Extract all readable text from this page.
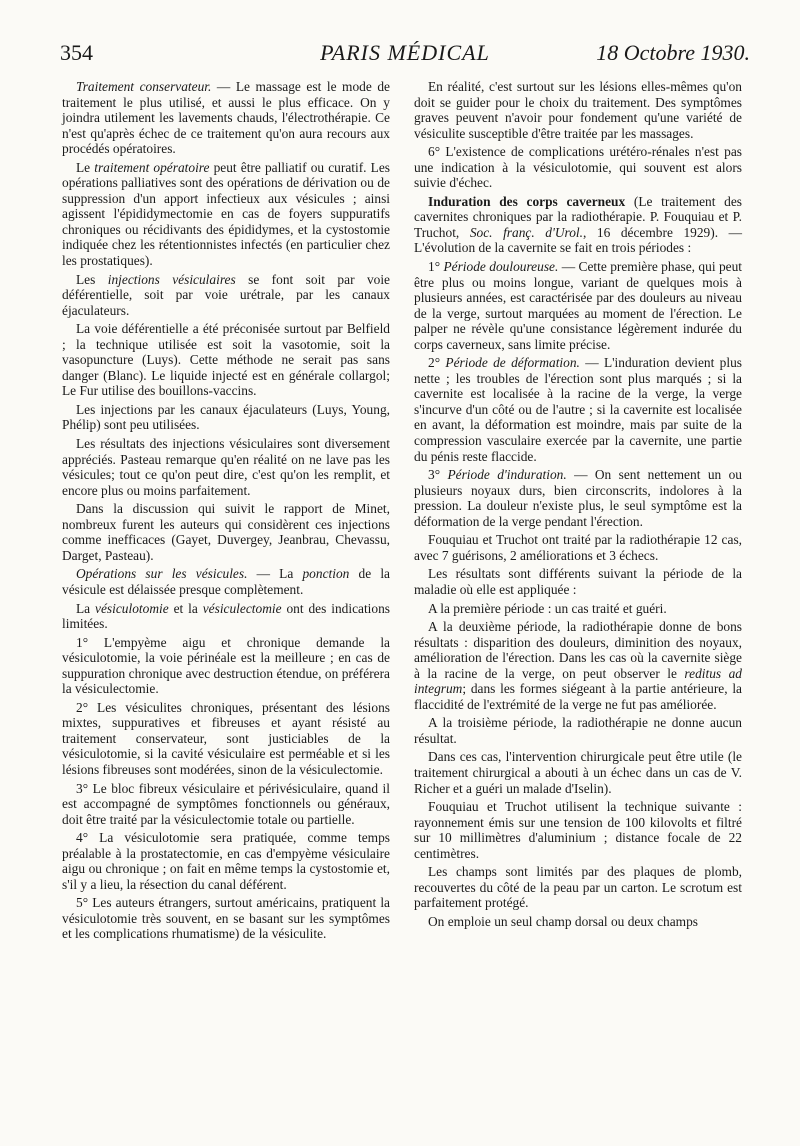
354	PARIS MÉDICAL	18 Octobre 1930.

Traitement conservateur. — Le massage est le mode de traitement le plus utilisé, et aussi le plus efficace. On y joindra utilement les lavements chauds, l'électrothérapie. Ce n'est qu'après échec de ce traitement qu'on aura recours aux procédés opératoires.

Le traitement opératoire peut être palliatif ou curatif. Les opérations palliatives sont des opérations de dérivation ou de suppression d'un apport infectieux aux vésicules ; ainsi agissent l'épididymectomie en cas de foyers suppuratifs chroniques ou récidivants des épididymes, et la cystostomie indiquée chez les rétentionnistes infectés (en particulier chez les prostatiques).

Les injections vésiculaires se font soit par voie déférentielle, soit par voie urétrale, par les canaux éjaculateurs.

La voie déférentielle a été préconisée surtout par Belfield ; la technique utilisée est soit la vasotomie, soit la vasopuncture (Luys). Cette méthode ne serait pas sans danger (Blanc). Le liquide injecté est en générale collargol; Le Fur utilise des bouillons-vaccins.

Les injections par les canaux éjaculateurs (Luys, Young, Phélip) sont peu utilisées.

Les résultats des injections vésiculaires sont diversement appréciés. Pasteau remarque qu'en réalité on ne lave pas les vésicules; tout ce qu'on peut dire, c'est qu'on les remplit, et encore plus ou moins parfaitement.

Dans la discussion qui suivit le rapport de Minet, nombreux furent les auteurs qui considèrent ces injections comme inefficaces (Gayet, Duvergey, Jeanbrau, Chevassu, Darget, Pasteau).

Opérations sur les vésicules. — La ponction de la vésicule est délaissée presque complètement.

La vésiculotomie et la vésiculectomie ont des indications limitées.

1° L'empyème aigu et chronique demande la vésiculotomie, la voie périnéale est la meilleure ; en cas de suppuration chronique avec destruction étendue, on préférera la vésiculectomie.

2° Les vésiculites chroniques, présentant des lésions mixtes, suppuratives et fibreuses et ayant résisté au traitement conservateur, sont justiciables de la vésiculotomie, si la cavité vésiculaire est perméable et si les lésions fibreuses sont modérées, sinon de la vésiculectomie.

3° Le bloc fibreux vésiculaire et périvésiculaire, quand il est accompagné de symptômes fonctionnels ou généraux, doit être traité par la vésiculectomie totale ou partielle.

4° La vésiculotomie sera pratiquée, comme temps préalable à la prostatectomie, en cas d'empyème vésiculaire aigu ou chronique ; on fait en même temps la cystostomie et, s'il y a lieu, la résection du canal déférent.

5° Les auteurs étrangers, surtout américains, pratiquent la vésiculotomie très souvent, en se basant sur les symptômes et les complications rhumatisme) de la vésiculite.

En réalité, c'est surtout sur les lésions elles-mêmes qu'on doit se guider pour le choix du traitement. Des symptômes graves peuvent n'avoir pour fondement qu'une variété de vésiculite susceptible d'être traitée par les massages.

6° L'existence de complications urétéro-rénales n'est pas une indication à la vésiculotomie, qui souvent est alors suivie d'échec.

Induration des corps caverneux (Le traitement des cavernites chroniques par la radiothérapie. P. Fouquiau et P. Truchot, Soc. franç. d'Urol., 16 décembre 1929). — L'évolution de la cavernite se fait en trois périodes :

1° Période douloureuse. — Cette première phase, qui peut être plus ou moins longue, variant de quelques mois à plusieurs années, est caractérisée par des douleurs au niveau de la verge, surtout marquées au moment de l'érection. Le palper ne révèle qu'une consistance légèrement indurée du corps caverneux, sans limite précise.

2° Période de déformation. — L'induration devient plus nette ; les troubles de l'érection sont plus marqués ; si la cavernite est localisée à la racine de la verge, la verge s'incurve d'un côté ou de l'autre ; si la cavernite est localisée en avant, la déformation est moindre, mais par suite de la compression vasculaire exercée par la cavernite, une partie du pénis reste flaccide.

3° Période d'induration. — On sent nettement un ou plusieurs noyaux durs, bien circonscrits, indolores à la pression. La douleur n'existe plus, le seul symptôme est la déformation de la verge pendant l'érection.

Fouquiau et Truchot ont traité par la radiothérapie 12 cas, avec 7 guérisons, 2 améliorations et 3 échecs.

Les résultats sont différents suivant la période de la maladie où elle est appliquée :

A la première période : un cas traité et guéri.

A la deuxième période, la radiothérapie donne de bons résultats : disparition des douleurs, diminition des noyaux, amélioration de l'érection. Dans les cas où la cavernite siège à la racine de la verge, on peut observer le reditus ad integrum; dans les formes siégeant à la partie antérieure, la flaccidité de l'extrémité de la verge ne fut pas améliorée.

A la troisième période, la radiothérapie ne donne aucun résultat.

Dans ces cas, l'intervention chirurgicale peut être utile (le traitement chirurgical a abouti à un échec dans un cas de V. Richer et a guéri un malade d'Iselin).

Fouquiau et Truchot utilisent la technique suivante : rayonnement émis sur une tension de 100 kilovolts et filtré sur 10 millimètres d'aluminium ; distance focale de 22 centimètres.

Les champs sont limités par des plaques de plomb, recouvertes du côté de la peau par un carton. Le scrotum est parfaitement protégé.

On emploie un seul champ dorsal ou deux champs
